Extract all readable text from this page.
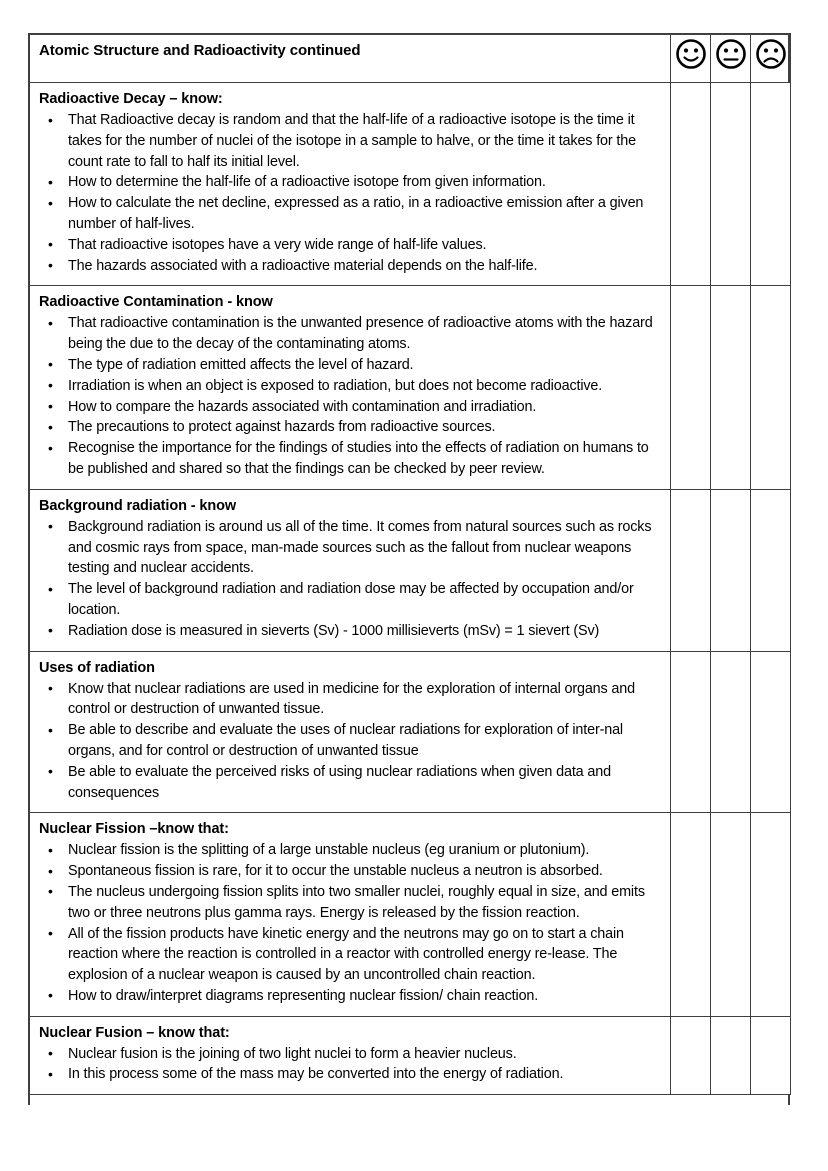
Atomic Structure and Radioactivity continued

Radioactive Decay – know:
• That Radioactive decay is random and that the half-life of a radioactive isotope is the time it takes for the number of nuclei of the isotope in a sample to halve, or the time it takes for the count rate to fall to half its initial level.
• How to determine the half-life of a radioactive isotope from given information.
• How to calculate the net decline, expressed as a ratio, in a radioactive emission after a given number of half-lives.
• That radioactive isotopes have a very wide range of half-life values.
• The hazards associated with a radioactive material depends on the half-life.

Radioactive Contamination - know
• That radioactive contamination is the unwanted presence of radioactive atoms with the hazard being the due to the decay of the contaminating atoms.
• The type of radiation emitted affects the level of hazard.
• Irradiation is when an object is exposed to radiation, but does not become radioactive.
• How to compare the hazards associated with contamination and irradiation.
• The precautions to protect against hazards from radioactive sources.
• Recognise the importance for the findings of studies into the effects of radiation on humans to be published and shared so that the findings can be checked by peer review.

Background radiation - know
• Background radiation is around us all of the time. It comes from natural sources such as rocks and cosmic rays from space, man-made sources such as the fallout from nuclear weapons testing and nuclear accidents.
• The level of background radiation and radiation dose may be affected by occupation and/or location.
• Radiation dose is measured in sieverts (Sv) - 1000 millisieverts (mSv) = 1 sievert (Sv)

Uses of radiation
• Know that nuclear radiations are used in medicine for the exploration of internal organs and control or destruction of unwanted tissue.
• Be able to describe and evaluate the uses of nuclear radiations for exploration of inter-nal organs, and for control or destruction of unwanted tissue
• Be able to evaluate the perceived risks of using nuclear radiations when given data and consequences

Nuclear Fission –know that:
• Nuclear fission is the splitting of a large unstable nucleus (eg uranium or plutonium).
• Spontaneous fission is rare, for it to occur the unstable nucleus a neutron is absorbed.
• The nucleus undergoing fission splits into two smaller nuclei, roughly equal in size, and emits two or three neutrons plus gamma rays. Energy is released by the fission reaction.
• All of the fission products have kinetic energy and the neutrons may go on to start a chain reaction where the reaction is controlled in a reactor with controlled energy re-lease. The explosion of a nuclear weapon is caused by an uncontrolled chain reaction.
• How to draw/interpret diagrams representing nuclear fission/ chain reaction.

Nuclear Fusion – know that:
• Nuclear fusion is the joining of two light nuclei to form a heavier nucleus.
• In this process some of the mass may be converted into the energy of radiation.
